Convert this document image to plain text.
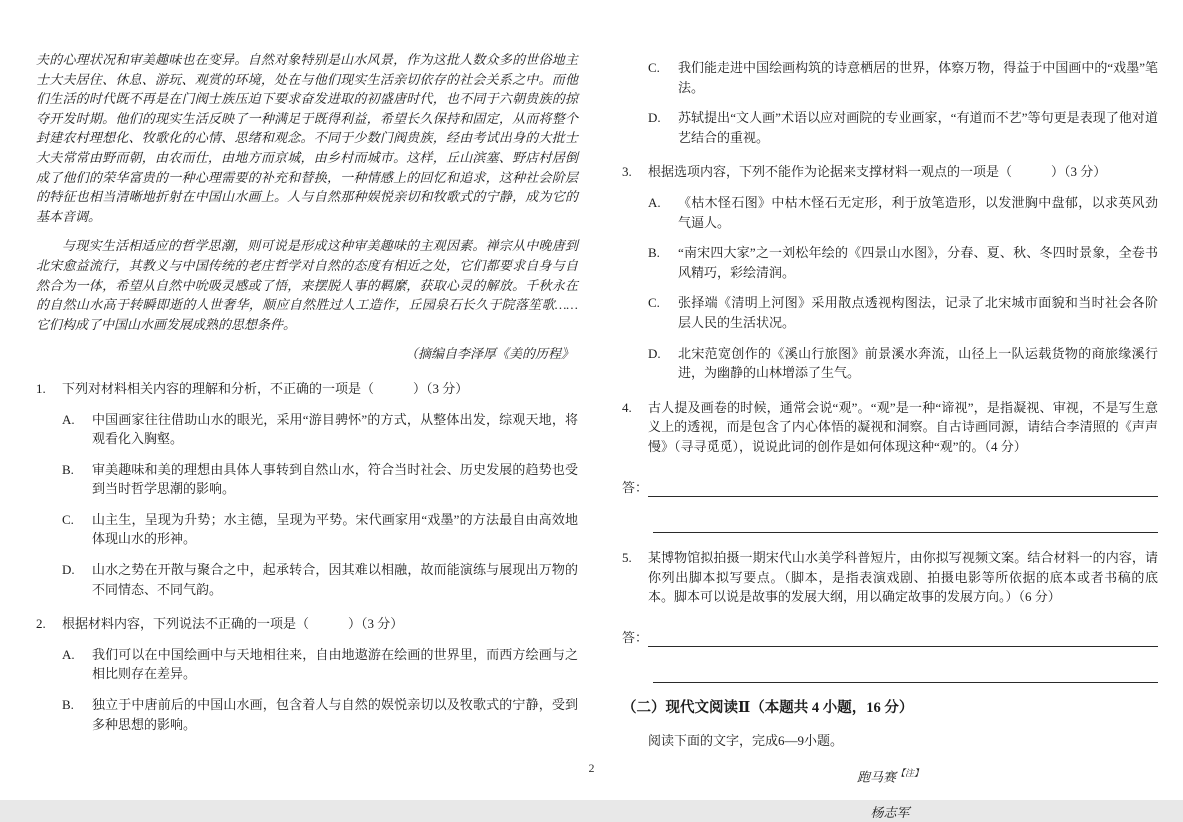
夫的心理状况和审美趣味也在变异。自然对象特别是山水风景，作为这批人数众多的世俗地主士大夫居住、休息、游玩、观赏的环境，处在与他们现实生活亲切依存的社会关系之中。而他们生活的时代既不再是在门阀士族压迫下要求奋发进取的初盛唐时代，也不同于六朝贵族的掠夺开发时期。他们的现实生活反映了一种满足于既得利益，希望长久保持和固定，从而将整个封建农村理想化、牧歌化的心情、思绪和观念。不同于少数门阀贵族，经由考试出身的大批士大夫常常由野而朝，由农而仕，由地方而京城，由乡村而城市。这样，丘山滨塞、野店村居倒成了他们的荣华富贵的一种心理需要的补充和替换，一种情感上的回忆和追求，这种社会阶层的特征也相当清晰地折射在中国山水画上。人与自然那种娱悦亲切和牧歌式的宁静，成为它的基本音调。

与现实生活相适应的哲学思潮，则可说是形成这种审美趣味的主观因素。禅宗从中晚唐到北宋愈益流行，其教义与中国传统的老庄哲学对自然的态度有相近之处，它们都要求自身与自然合为一体，希望从自然中吮吸灵感或了悟，来摆脱人事的羁縻，获取心灵的解放。千秋永在的自然山水高于转瞬即逝的人世奢华，顺应自然胜过人工造作，丘园泉石长久于院落笙歌……它们构成了中国山水画发展成熟的思想条件。

（摘编自李泽厚《美的历程》

1.	下列对材料相关内容的理解和分析，不正确的一项是（　　　）（3 分）
A.	中国画家往往借助山水的眼光，采用“游目骋怀”的方式，从整体出发，综观天地，将观看化入胸壑。
B.	审美趣味和美的理想由具体人事转到自然山水，符合当时社会、历史发展的趋势也受到当时哲学思潮的影响。
C.	山主生，呈现为升势；水主德，呈现为平势。宋代画家用“戏墨”的方法最自由高效地体现山水的形神。
D.	山水之势在开散与聚合之中，起承转合，因其难以相融，故而能演练与展现出万物的不同情态、不同气韵。
2.	根据材料内容，下列说法不正确的一项是（　　　）（3 分）
A.	我们可以在中国绘画中与天地相往来，自由地遨游在绘画的世界里，而西方绘画与之相比则存在差异。
B.	独立于中唐前后的中国山水画，包含着人与自然的娱悦亲切以及牧歌式的宁静，受到多种思想的影响。
C.	我们能走进中国绘画构筑的诗意栖居的世界，体察万物，得益于中国画中的“戏墨”笔法。
D.	苏轼提出“文人画”术语以应对画院的专业画家，“有道而不艺”等句更是表现了他对道艺结合的重视。
3.	根据选项内容，下列不能作为论据来支撑材料一观点的一项是（　　　）（3 分）
A.	《枯木怪石图》中枯木怪石无定形，利于放笔造形，以发泄胸中盘郁，以求英风劲气逼人。
B.	“南宋四大家”之一刘松年绘的《四景山水图》，分春、夏、秋、冬四时景象，全卷书风精巧，彩绘清润。
C.	张择端《清明上河图》采用散点透视构图法，记录了北宋城市面貌和当时社会各阶层人民的生活状况。
D.	北宋范宽创作的《溪山行旅图》前景溪水奔流，山径上一队运载货物的商旅缘溪行进，为幽静的山林增添了生气。
4.	古人提及画卷的时候，通常会说“观”。“观”是一种“谛视”，是指凝视、审视，不是写生意义上的透视，而是包含了内心体悟的凝视和洞察。自古诗画同源，请结合李清照的《声声慢》（寻寻觅觅），说说此词的创作是如何体现这种“观”的。（4 分）
答：
5.	某博物馆拟拍摄一期宋代山水美学科普短片，由你拟写视频文案。结合材料一的内容，请你列出脚本拟写要点。（脚本，是指表演戏剧、拍摄电影等所依据的底本或者书稿的底本。脚本可以说是故事的发展大纲，用以确定故事的发展方向。）（6 分）
答：
（二）现代文阅读Ⅱ（本题共 4 小题，16 分）
阅读下面的文字，完成6—9小题。
跑马赛$^{【注】}$
杨志军
2
